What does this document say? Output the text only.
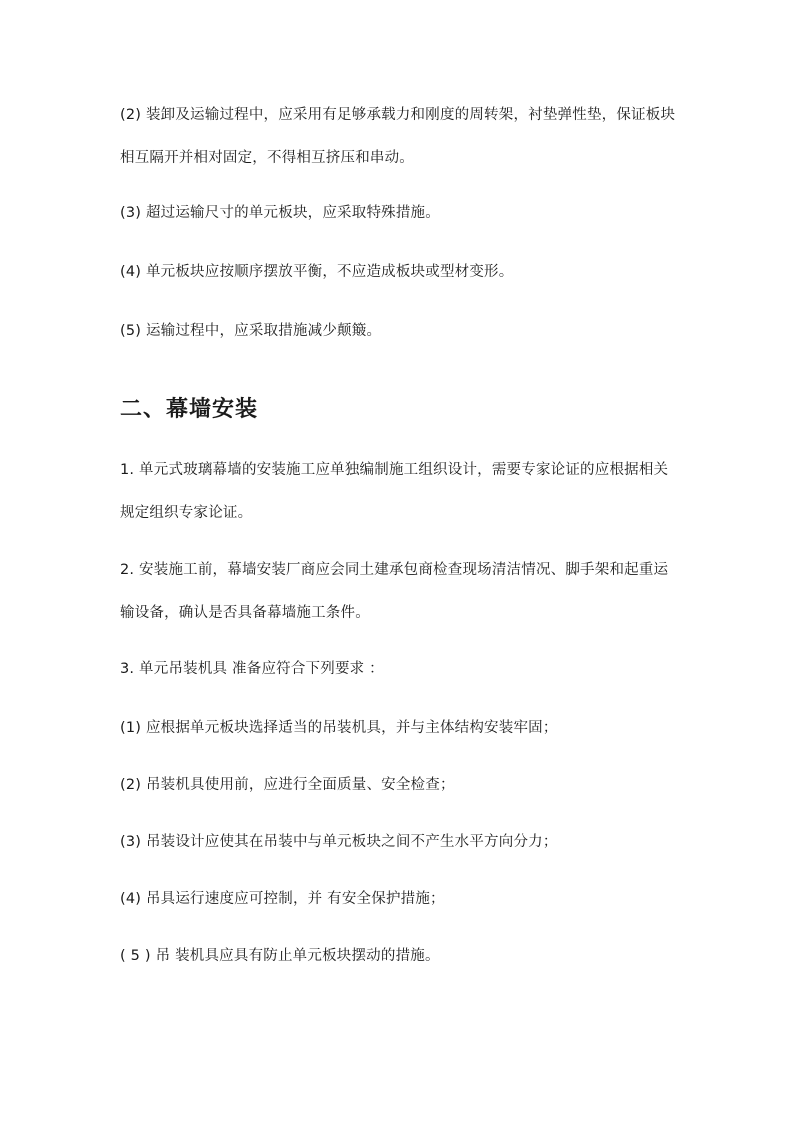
(2) 装卸及运输过程中，应采用有足够承载力和刚度的周转架，衬垫弹性垫，保证板块相互隔开并相对固定，不得相互挤压和串动。

(3) 超过运输尺寸的单元板块，应采取特殊措施。

(4) 单元板块应按顺序摆放平衡，不应造成板块或型材变形。

(5) 运输过程中，应采取措施减少颠簸。

二、幕墙安装

1. 单元式玻璃幕墙的安装施工应单独编制施工组织设计，需要专家论证的应根据相关规定组织专家论证。

2. 安装施工前，幕墙安装厂商应会同土建承包商检查现场清洁情况、脚手架和起重运输设备，确认是否具备幕墙施工条件。

3. 单元吊装机具 准备应符合下列要求 ：

(1) 应根据单元板块选择适当的吊装机具，并与主体结构安装牢固；

(2) 吊装机具使用前，应进行全面质量、安全检查；

(3) 吊装设计应使其在吊装中与单元板块之间不产生水平方向分力；

(4) 吊具运行速度应可控制，并 有安全保护措施；

( 5 ) 吊 装机具应具有防止单元板块摆动的措施。
